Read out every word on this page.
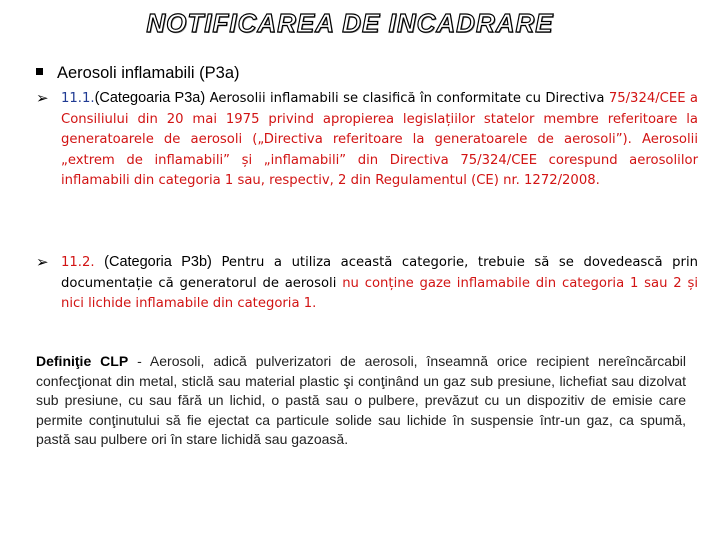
NOTIFICAREA DE INCADRARE
Aerosoli inflamabili (P3a)
➢ 11.1.(Categoaria P3a) Aerosolii inflamabili se clasifică în conformitate cu Directiva 75/324/CEE a Consiliului din 20 mai 1975 privind apropierea legislațiilor statelor membre referitoare la generatoarele de aerosoli („Directiva referitoare la generatoarele de aerosoli”). Aerosolii „extrem de inflamabili” și „inflamabili” din Directiva 75/324/CEE corespund aerosolilor inflamabili din categoria 1 sau, respectiv, 2 din Regulamentul (CE) nr. 1272/2008.
➢ 11.2. (Categoria P3b) Pentru a utiliza această categorie, trebuie să se dovedească prin documentație că generatorul de aerosoli nu conține gaze inflamabile din categoria 1 sau 2 și nici lichide inflamabile din categoria 1.
Definiţie CLP - Aerosoli, adică pulverizatori de aerosoli, înseamnă orice recipient nereîncărcabil confecţionat din metal, sticlă sau material plastic şi conţinând un gaz sub presiune, lichefiat sau dizolvat sub presiune, cu sau fără un lichid, o pastă sau o pulbere, prevăzut cu un dispozitiv de emisie care permite conţinutului să fie ejectat ca particule solide sau lichide în suspensie într-un gaz, ca spumă, pastă sau pulbere ori în stare lichidă sau gazoasă.
